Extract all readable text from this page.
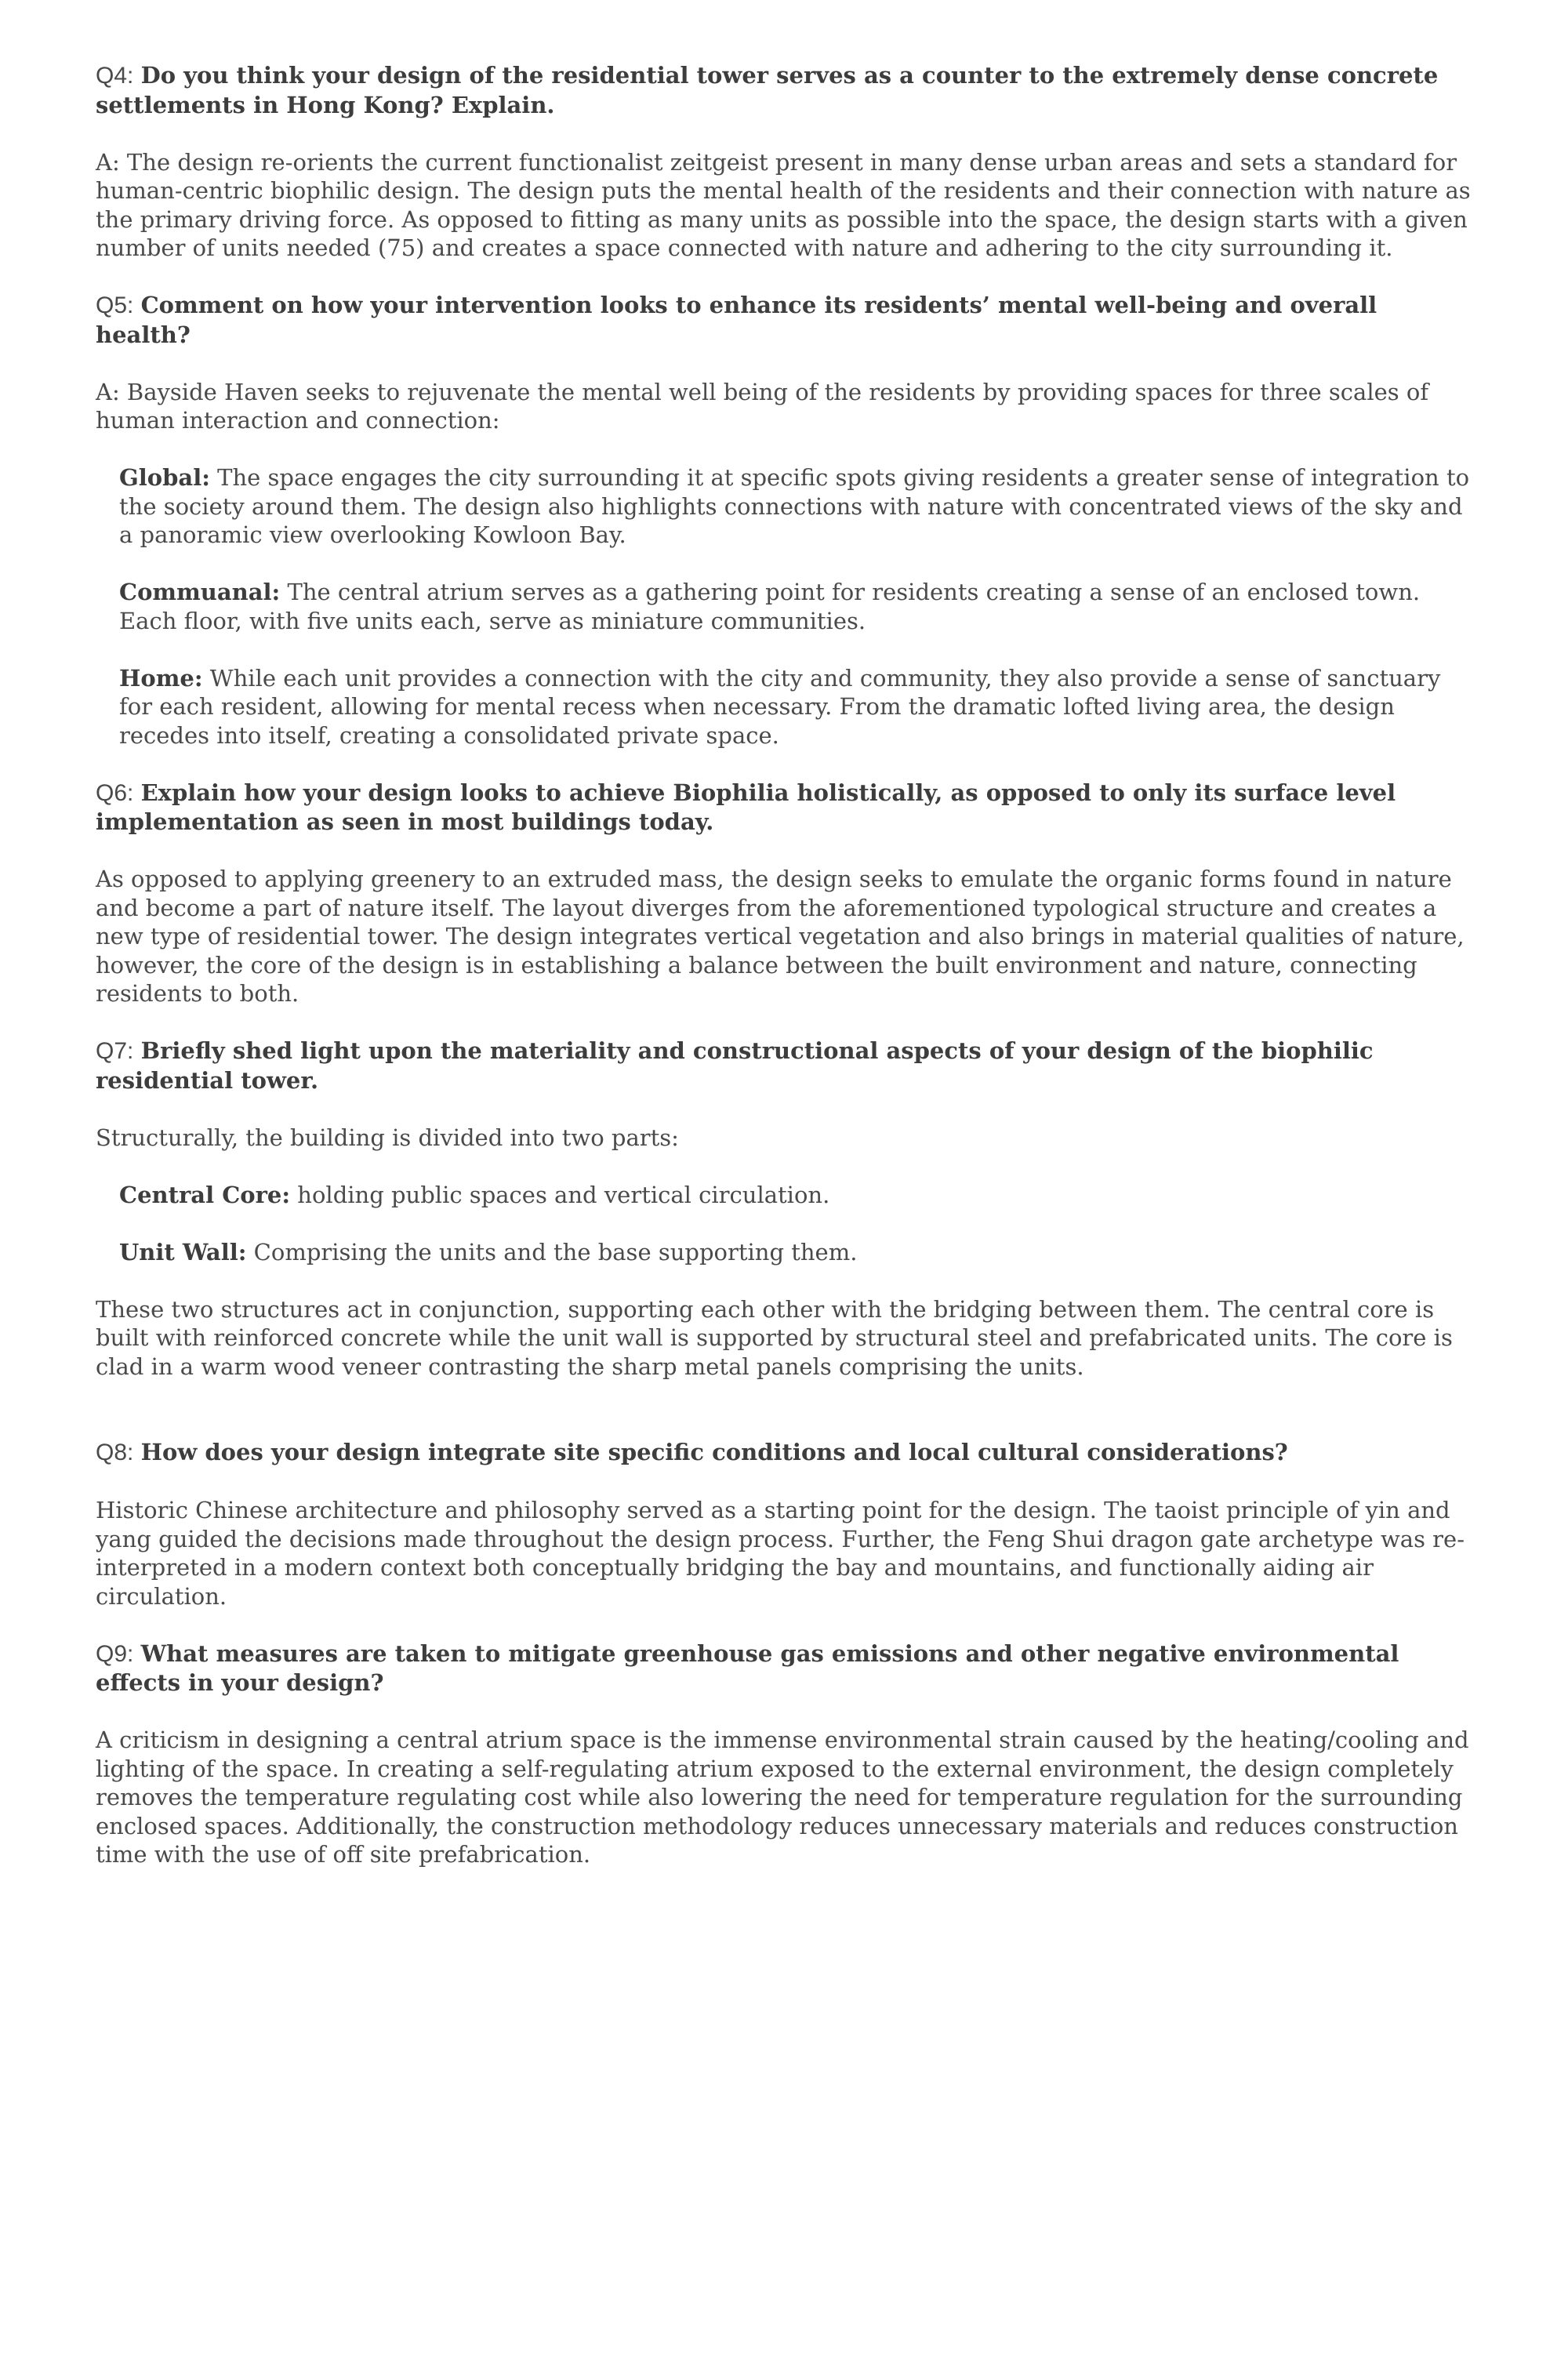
Q4: Do you think your design of the residential tower serves as a counter to the extremely dense concrete settlements in Hong Kong? Explain.

A: The design re-orients the current functionalist zeitgeist present in many dense urban areas and sets a standard for human-centric biophilic design. The design puts the mental health of the residents and their connection with nature as the primary driving force. As opposed to fitting as many units as possible into the space, the design starts with a given number of units needed (75) and creates a space connected with nature and adhering to the city surrounding it.

Q5: Comment on how your intervention looks to enhance its residents’ mental well-being and overall health?

A: Bayside Haven seeks to rejuvenate the mental well being of the residents by providing spaces for three scales of human interaction and connection:

Global: The space engages the city surrounding it at specific spots giving residents a greater sense of integration to the society around them. The design also highlights connections with nature with concentrated views of the sky and a panoramic view overlooking Kowloon Bay.

Commuanal: The central atrium serves as a gathering point for residents creating a sense of an enclosed town. Each floor, with five units each, serve as miniature communities.

Home: While each unit provides a connection with the city and community, they also provide a sense of sanctuary for each resident, allowing for mental recess when necessary. From the dramatic lofted living area, the design recedes into itself, creating a consolidated private space.

Q6: Explain how your design looks to achieve Biophilia holistically, as opposed to only its surface level implementation as seen in most buildings today.

As opposed to applying greenery to an extruded mass, the design seeks to emulate the organic forms found in nature and become a part of nature itself. The layout diverges from the aforementioned typological structure and creates a new type of residential tower. The design integrates vertical vegetation and also brings in material qualities of nature, however, the core of the design is in establishing a balance between the built environment and nature, connecting residents to both.

Q7: Briefly shed light upon the materiality and constructional aspects of your design of the biophilic residential tower.

Structurally, the building is divided into two parts:

Central Core: holding public spaces and vertical circulation.

Unit Wall: Comprising the units and the base supporting them.

These two structures act in conjunction, supporting each other with the bridging between them. The central core is built with reinforced concrete while the unit wall is supported by structural steel and prefabricated units. The core is clad in a warm wood veneer contrasting the sharp metal panels comprising the units.

Q8: How does your design integrate site specific conditions and local cultural considerations?

Historic Chinese architecture and philosophy served as a starting point for the design. The taoist principle of yin and yang guided the decisions made throughout the design process. Further, the Feng Shui dragon gate archetype was re-interpreted in a modern context both conceptually bridging the bay and mountains, and functionally aiding air circulation.

Q9: What measures are taken to mitigate greenhouse gas emissions and other negative environmental effects in your design?

A criticism in designing a central atrium space is the immense environmental strain caused by the heating/cooling and lighting of the space. In creating a self-regulating atrium exposed to the external environment, the design completely removes the temperature regulating cost while also lowering the need for temperature regulation for the surrounding enclosed spaces. Additionally, the construction methodology reduces unnecessary materials and reduces construction time with the use of off site prefabrication.
